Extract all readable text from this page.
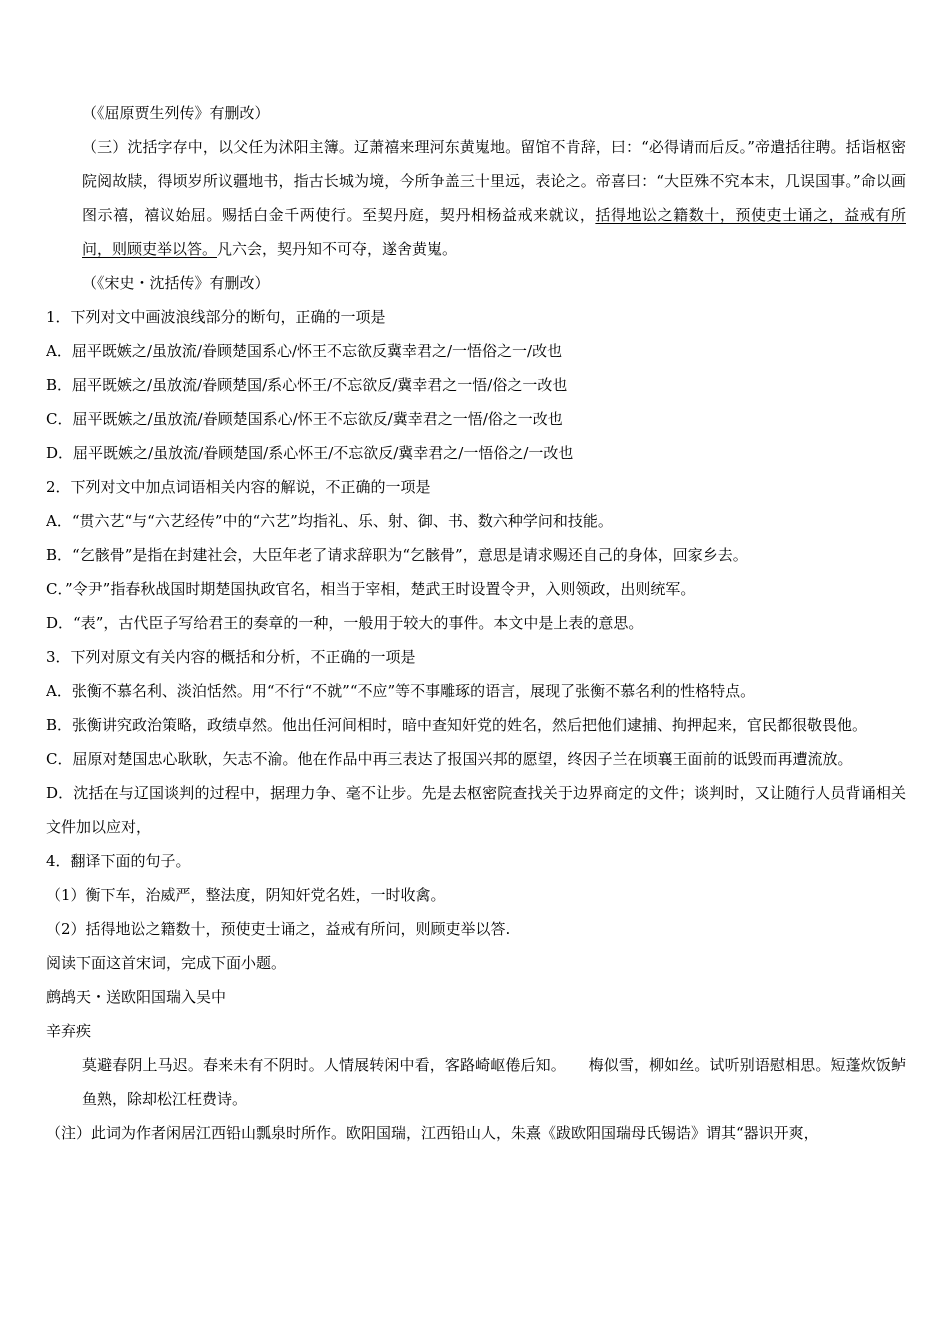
（《屈原贾生列传》有删改）
（三）沈括字存中，以父任为沭阳主簿。辽萧禧来理河东黄嵬地。留馆不肯辞，曰：“必得请而后反。”帝遣括往聘。括诣枢密院阅故牍，得顷岁所议疆地书，指古长城为境，今所争盖三十里远，表论之。帝喜曰：“大臣殊不究本末，几误国事。”命以画图示禧，禧议始屈。赐括白金千两使行。至契丹庭，契丹相杨益戒来就议，括得地讼之籍数十，预使吏士诵之，益戒有所问，则顾吏举以答。凡六会，契丹知不可夺，遂舍黄嵬。
（《宋史・沈括传》有删改）
1．下列对文中画波浪线部分的断句，正确的一项是
A．屈平既嫉之/虽放流/眷顾楚国系心/怀王不忘欲反冀幸君之/一悟俗之一/改也
B．屈平既嫉之/虽放流/眷顾楚国/系心怀王/不忘欲反/冀幸君之一悟/俗之一改也
C．屈平既嫉之/虽放流/眷顾楚国系心/怀王不忘欲反/冀幸君之一悟/俗之一改也
D．屈平既嫉之/虽放流/眷顾楚国/系心怀王/不忘欲反/冀幸君之/一悟俗之/一改也
2．下列对文中加点词语相关内容的解说，不正确的一项是
A．“贯六艺“与“六艺经传”中的“六艺”均指礼、乐、射、御、书、数六种学问和技能。
B．“乞骸骨”是指在封建社会，大臣年老了请求辞职为“乞骸骨”，意思是请求赐还自己的身体，回家乡去。
C．”令尹”指春秋战国时期楚国执政官名，相当于宰相，楚武王时设置令尹，入则领政，出则统军。
D．“表”，古代臣子写给君王的奏章的一种，一般用于较大的事件。本文中是上表的意思。
3．下列对原文有关内容的概括和分析，不正确的一项是
A．张衡不慕名利、淡泊恬然。用“不行“不就”“不应”等不事雕琢的语言，展现了张衡不慕名利的性格特点。
B．张衡讲究政治策略，政绩卓然。他出任河间相时，暗中查知奸党的姓名，然后把他们逮捕、拘押起来，官民都很敬畏他。
C．屈原对楚国忠心耿耿，矢志不渝。他在作品中再三表达了报国兴邦的愿望，终因子兰在顷襄王面前的诋毁而再遭流放。
D．沈括在与辽国谈判的过程中，据理力争、毫不让步。先是去枢密院查找关于边界商定的文件；谈判时，又让随行人员背诵相关文件加以应对，
4．翻译下面的句子。
（1）衡下车，治威严，整法度，阴知奸党名姓，一时收禽。
（2）括得地讼之籍数十，预使吏士诵之，益戒有所问，则顾吏举以答.
阅读下面这首宋词，完成下面小题。
鹧鸪天・送欧阳国瑞入吴中
辛弃疾
莫避春阴上马迟。春来未有不阴时。人情展转闲中看，客路崎岖倦后知。　　梅似雪，柳如丝。试听别语慰相思。短蓬炊饭鲈鱼熟，除却松江枉费诗。
（注）此词为作者闲居江西铅山瓢泉时所作。欧阳国瑞，江西铅山人，朱熹《跋欧阳国瑞母氏锡诰》谓其“器识开爽，
